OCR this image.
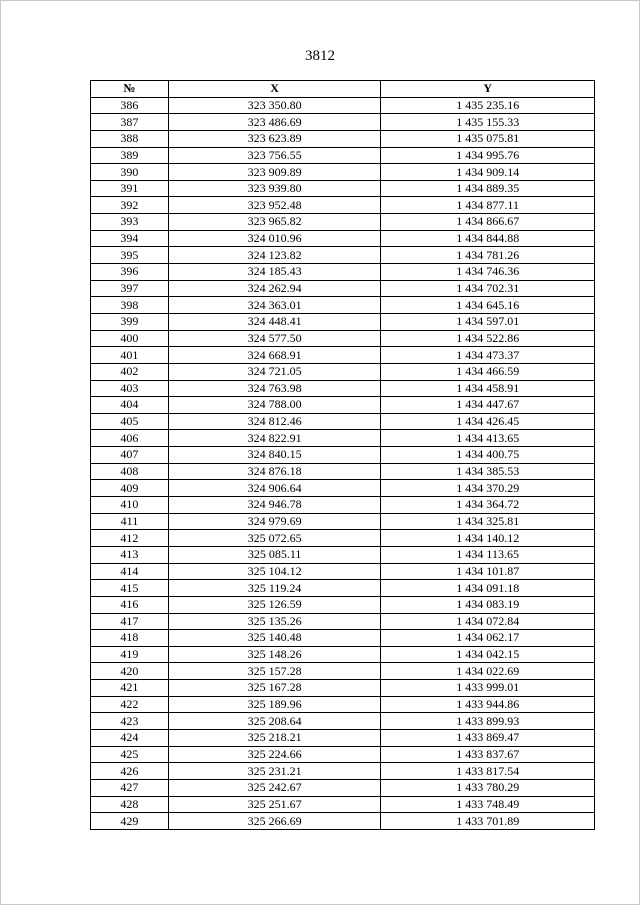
3812
№	X	Y
386	323 350.80	1 435 235.16
387	323 486.69	1 435 155.33
388	323 623.89	1 435 075.81
389	323 756.55	1 434 995.76
390	323 909.89	1 434 909.14
391	323 939.80	1 434 889.35
392	323 952.48	1 434 877.11
393	323 965.82	1 434 866.67
394	324 010.96	1 434 844.88
395	324 123.82	1 434 781.26
396	324 185.43	1 434 746.36
397	324 262.94	1 434 702.31
398	324 363.01	1 434 645.16
399	324 448.41	1 434 597.01
400	324 577.50	1 434 522.86
401	324 668.91	1 434 473.37
402	324 721.05	1 434 466.59
403	324 763.98	1 434 458.91
404	324 788.00	1 434 447.67
405	324 812.46	1 434 426.45
406	324 822.91	1 434 413.65
407	324 840.15	1 434 400.75
408	324 876.18	1 434 385.53
409	324 906.64	1 434 370.29
410	324 946.78	1 434 364.72
411	324 979.69	1 434 325.81
412	325 072.65	1 434 140.12
413	325 085.11	1 434 113.65
414	325 104.12	1 434 101.87
415	325 119.24	1 434 091.18
416	325 126.59	1 434 083.19
417	325 135.26	1 434 072.84
418	325 140.48	1 434 062.17
419	325 148.26	1 434 042.15
420	325 157.28	1 434 022.69
421	325 167.28	1 433 999.01
422	325 189.96	1 433 944.86
423	325 208.64	1 433 899.93
424	325 218.21	1 433 869.47
425	325 224.66	1 433 837.67
426	325 231.21	1 433 817.54
427	325 242.67	1 433 780.29
428	325 251.67	1 433 748.49
429	325 266.69	1 433 701.89
